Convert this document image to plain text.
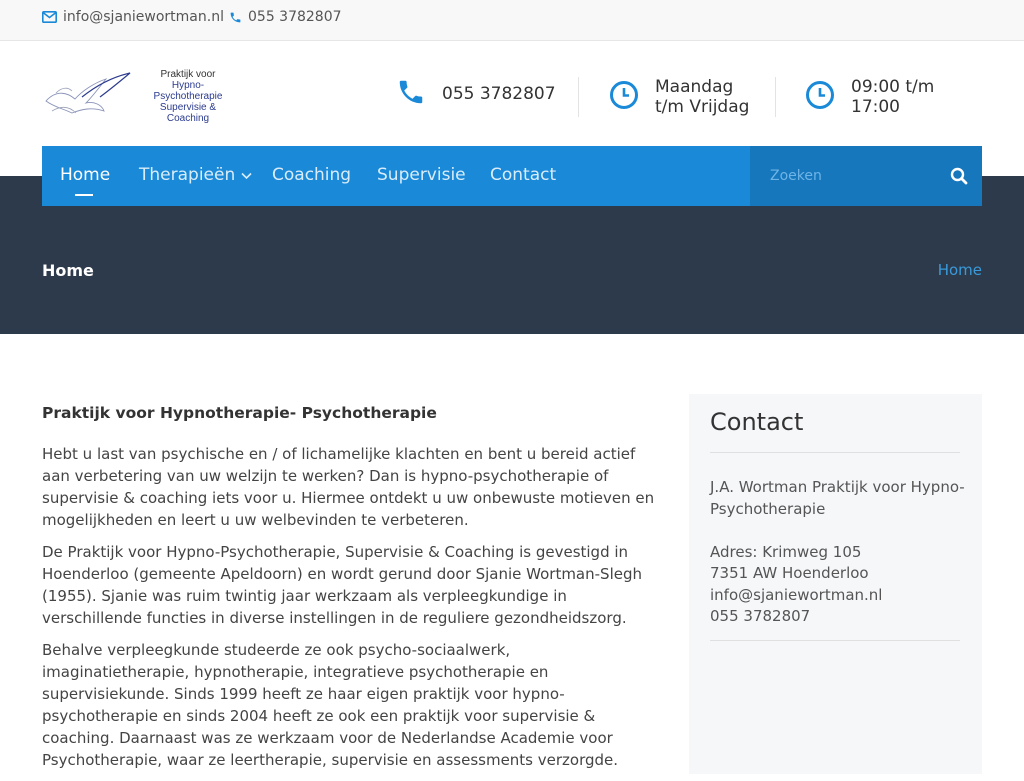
info@sjaniewortman.nl 055 3782807
Praktijk voor
Hypno-Psychotherapie
Supervisie & Coaching
055 3782807	Maandag
t/m Vrijdag
09:00 t/m
17:00
Home	Home
Home Therapieën Coaching Supervisie Contact
Zoeken
Praktijk voor Hypnotherapie- Psychotherapie

Hebt u last van psychische en / of lichamelijke klachten en bent u bereid actief aan verbetering van uw welzijn te werken? Dan is hypno-psychotherapie of supervisie & coaching iets voor u. Hiermee ontdekt u uw onbewuste motieven en mogelijkheden en leert u uw welbevinden te verbeteren.

De Praktijk voor Hypno-Psychotherapie, Supervisie & Coaching is gevestigd in Hoenderloo (gemeente Apeldoorn) en wordt gerund door Sjanie Wortman-Slegh (1955). Sjanie was ruim twintig jaar werkzaam als verpleegkundige in verschillende functies in diverse instellingen in de reguliere gezondheidszorg.

Behalve verpleegkunde studeerde ze ook psycho-sociaalwerk, imaginatietherapie, hypnotherapie, integratieve psychotherapie en supervisiekunde. Sinds 1999 heeft ze haar eigen praktijk voor hypno-psychotherapie en sinds 2004 heeft ze ook een praktijk voor supervisie & coaching. Daarnaast was ze werkzaam voor de Nederlandse Academie voor Psychotherapie, waar ze leertherapie, supervisie en assessments verzorgde.

Contact
J.A. Wortman Praktijk voor Hypno-Psychotherapie
Adres: Krimweg 105
7351 AW Hoenderloo
info@sjaniewortman.nl
055 3782807
